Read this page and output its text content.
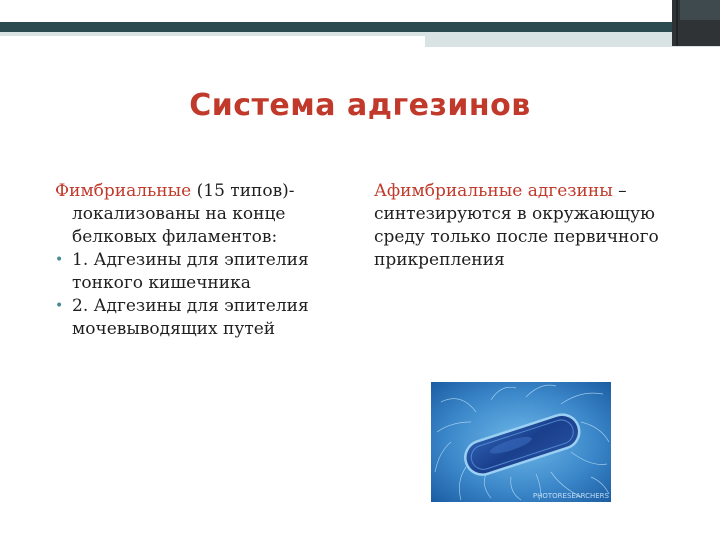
Система адгезинов
Фимбриальные (15 типов)-
локализованы на конце
белковых филаментов:
• 1. Адгезины для эпителия
тонкого кишечника
• 2. Адгезины для эпителия
мочевыводящих путей
Афимбриальные адгезины –
синтезируются в окружающую
среду только после первичного
прикрепления
PHOTORESEARCHERS
